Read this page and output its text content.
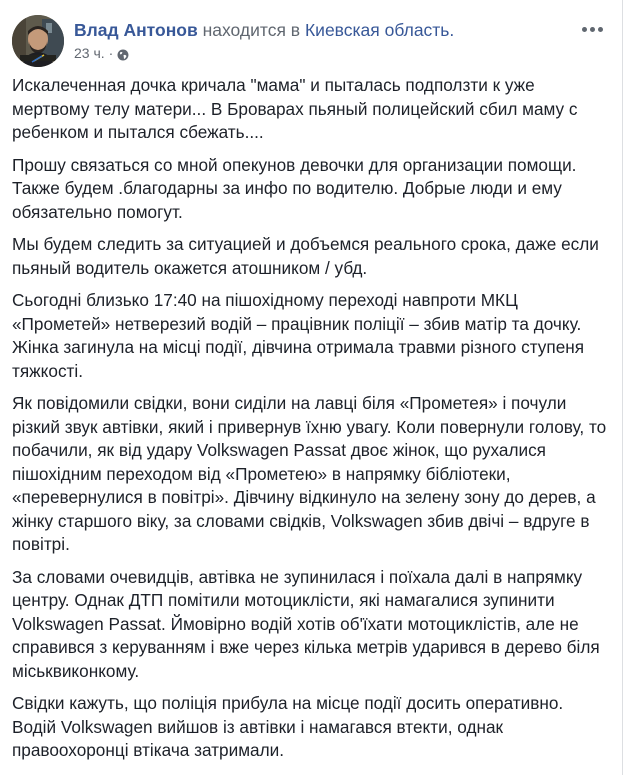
Влад Антонов находится в Киевская область.
23 ч. ·

Искалеченная дочка кричала "мама" и пыталась подползти к уже мертвому телу матери... В Броварах пьяный полицейский сбил маму с ребенком и пытался сбежать....

Прошу связаться со мной опекунов девочки для организации помощи. Также будем .благодарны за инфо по водителю. Добрые люди и ему обязательно помогут.

Мы будем следить за ситуацией и добъемся реального срока, даже если пьяный водитель окажется атошником / убд.

Сьогодні близько 17:40 на пішохідному переході навпроти МКЦ «Прометей» нетверезий водій – працівник поліції – збив матір та дочку. Жінка загинула на місці події, дівчина отримала травми різного ступеня тяжкості.

Як повідомили свідки, вони сиділи на лавці біля «Прометея» і почули різкий звук автівки, який і привернув їхню увагу. Коли повернули голову, то побачили, як від удару Volkswagen Passat двоє жінок, що рухалися пішохідним переходом від «Прометею» в напрямку бібліотеки, «перевернулися в повітрі». Дівчину відкинуло на зелену зону до дерев, а жінку старшого віку, за словами свідків, Volkswagen збив двічі – вдруге в повітрі.

За словами очевидців, автівка не зупинилася і поїхала далі в напрямку центру. Однак ДТП помітили мотоциклісти, які намагалися зупинити Volkswagen Passat. Ймовірно водій хотів об'їхати мотоциклістів, але не справився з керуванням і вже через кілька метрів ударився в дерево біля міськвиконкому.

Свідки кажуть, що поліція прибула на місце події досить оперативно. Водій Volkswagen вийшов із автівки і намагався втекти, однак правоохоронці втікача затримали.
